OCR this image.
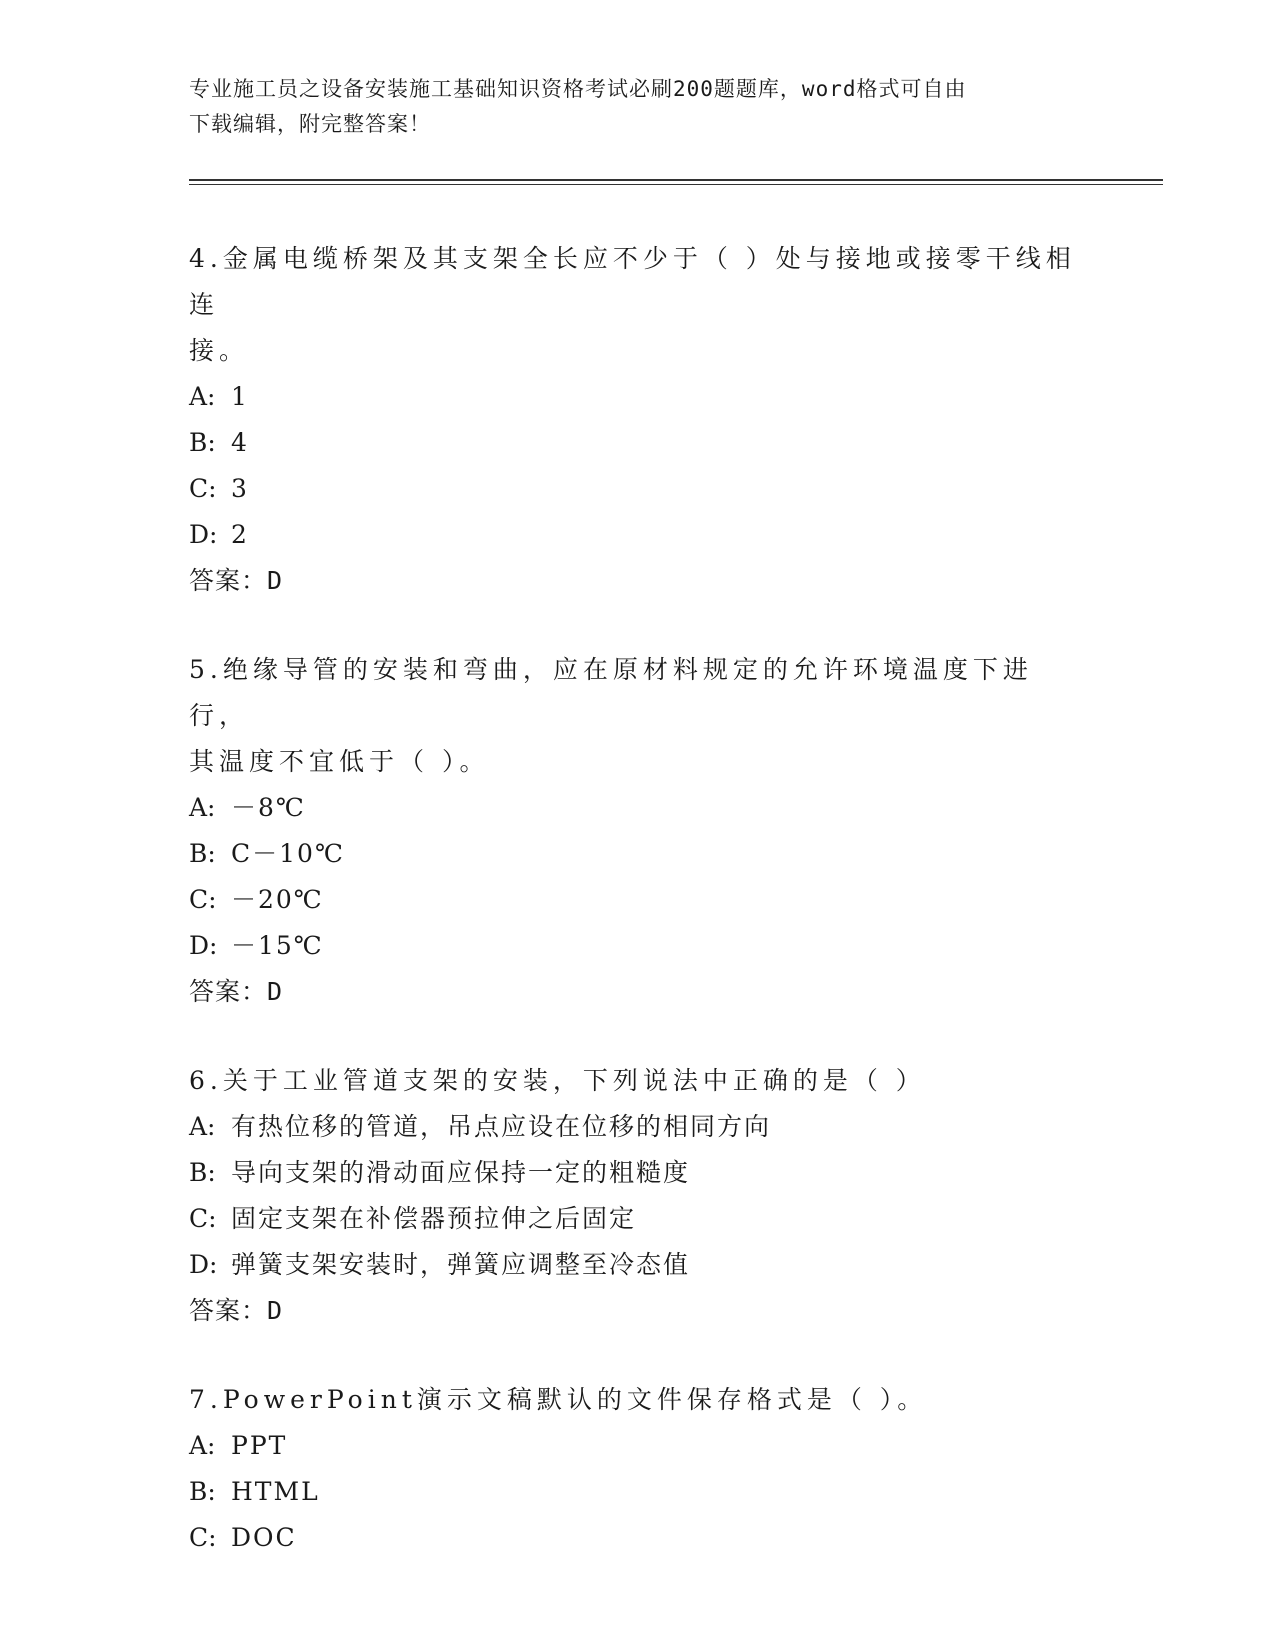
专业施工员之设备安装施工基础知识资格考试必刷200题题库，word格式可自由
下载编辑，附完整答案！
4.金属电缆桥架及其支架全长应不少于（ ）处与接地或接零干线相连
接。
A: 1
B: 4
C: 3
D: 2
答案：D
5.绝缘导管的安装和弯曲，应在原材料规定的允许环境温度下进行，
其温度不宜低于（ ）。
A: －8℃
B: C－10℃
C: －20℃
D: －15℃
答案：D
6.关于工业管道支架的安装，下列说法中正确的是（ ）
A: 有热位移的管道，吊点应设在位移的相同方向
B: 导向支架的滑动面应保持一定的粗糙度
C: 固定支架在补偿器预拉伸之后固定
D: 弹簧支架安装时，弹簧应调整至冷态值
答案：D
7.PowerPoint演示文稿默认的文件保存格式是（ ）。
A: PPT
B: HTML
C: DOC
